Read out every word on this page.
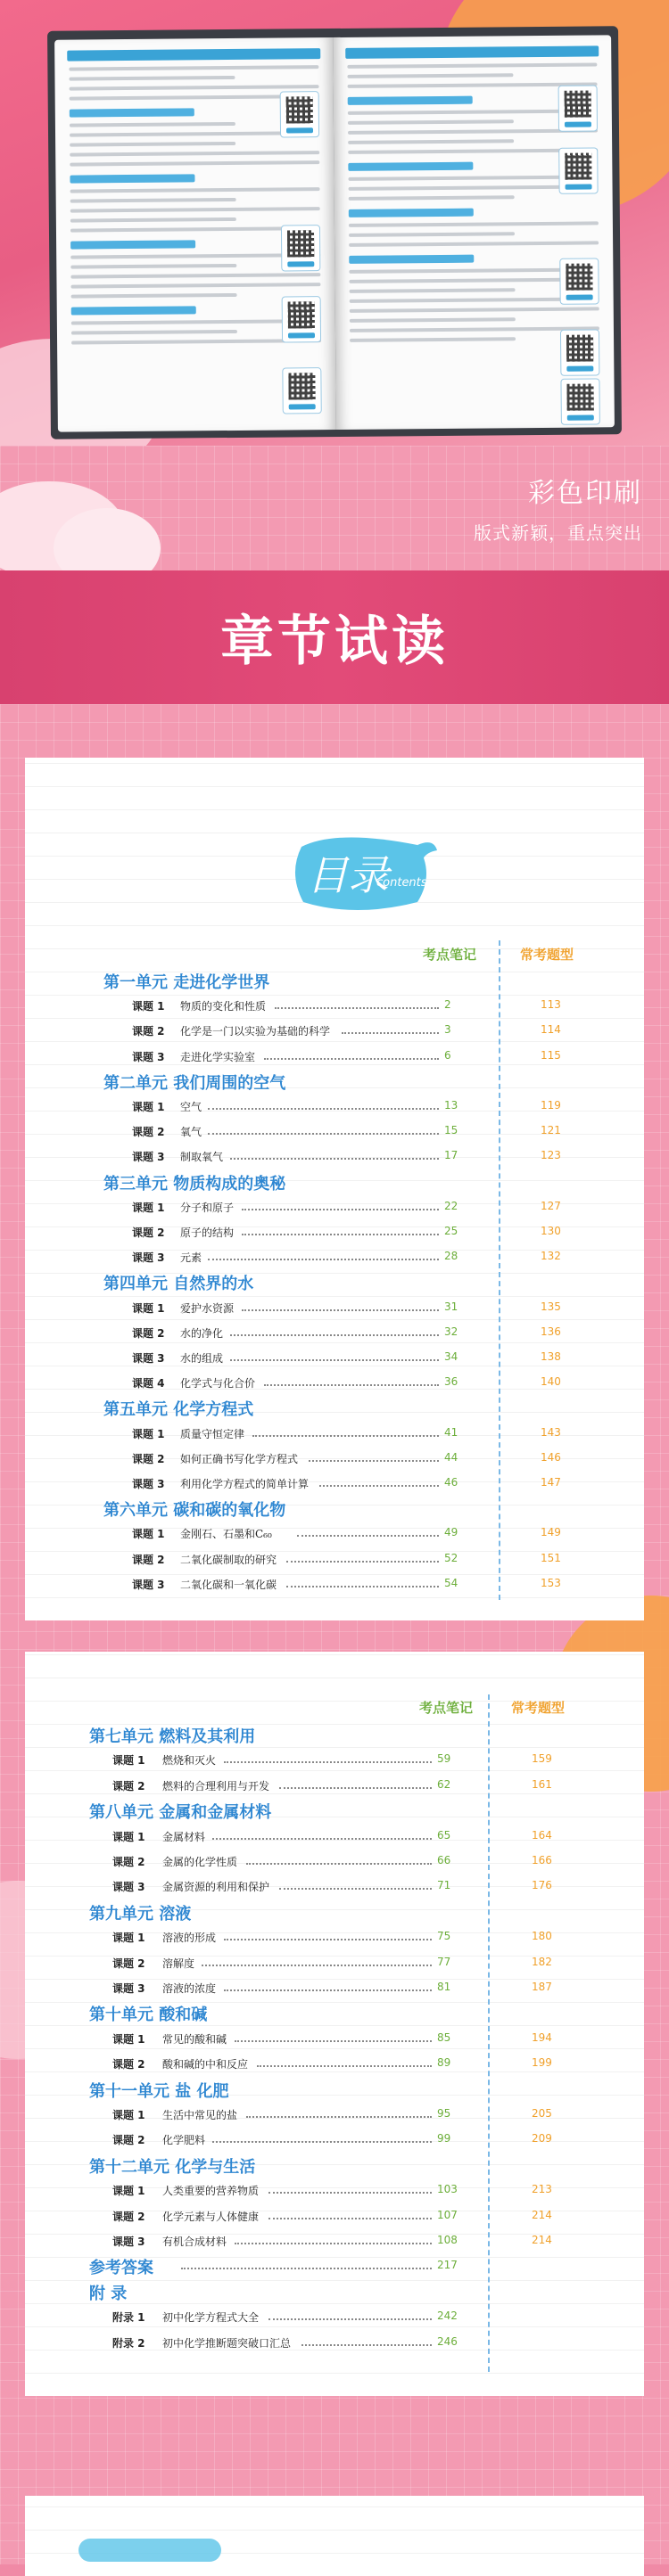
彩色印刷
版式新颖，重点突出
章节试读
目录
contents
考点笔记	常考题型
第一单元 走进化学世界
课题 1 物质的变化和性质	2	113
课题 2 化学是一门以实验为基础的科学	3	114
课题 3 走进化学实验室	6	115
第二单元 我们周围的空气
课题 1 空气	13	119
课题 2 氧气	15	121
课题 3 制取氧气	17	123
第三单元 物质构成的奥秘
课题 1 分子和原子	22	127
课题 2 原子的结构	25	130
课题 3 元素	28	132
第四单元 自然界的水
课题 1 爱护水资源	31	135
课题 2 水的净化	32	136
课题 3 水的组成	34	138
课题 4 化学式与化合价	36	140
第五单元 化学方程式
课题 1 质量守恒定律	41	143
课题 2 如何正确书写化学方程式	44	146
课题 3 利用化学方程式的简单计算	46	147
第六单元 碳和碳的氧化物
课题 1 金刚石、石墨和C₆₀	49	149
课题 2 二氧化碳制取的研究	52	151
课题 3 二氧化碳和一氧化碳	54	153
考点笔记	常考题型
第七单元 燃料及其利用
课题 1 燃烧和灭火	59	159
课题 2 燃料的合理利用与开发	62	161
第八单元 金属和金属材料
课题 1 金属材料	65	164
课题 2 金属的化学性质	66	166
课题 3 金属资源的利用和保护	71	176
第九单元 溶液
课题 1 溶液的形成	75	180
课题 2 溶解度	77	182
课题 3 溶液的浓度	81	187
第十单元 酸和碱
课题 1 常见的酸和碱	85	194
课题 2 酸和碱的中和反应	89	199
第十一单元 盐 化肥
课题 1 生活中常见的盐	95	205
课题 2 化学肥料	99	209
第十二单元 化学与生活
课题 1 人类重要的营养物质	103	213
课题 2 化学元素与人体健康	107	214
课题 3 有机合成材料	108	214
参考答案	217
附 录
附录 1 初中化学方程式大全	242
附录 2 初中化学推断题突破口汇总	246
